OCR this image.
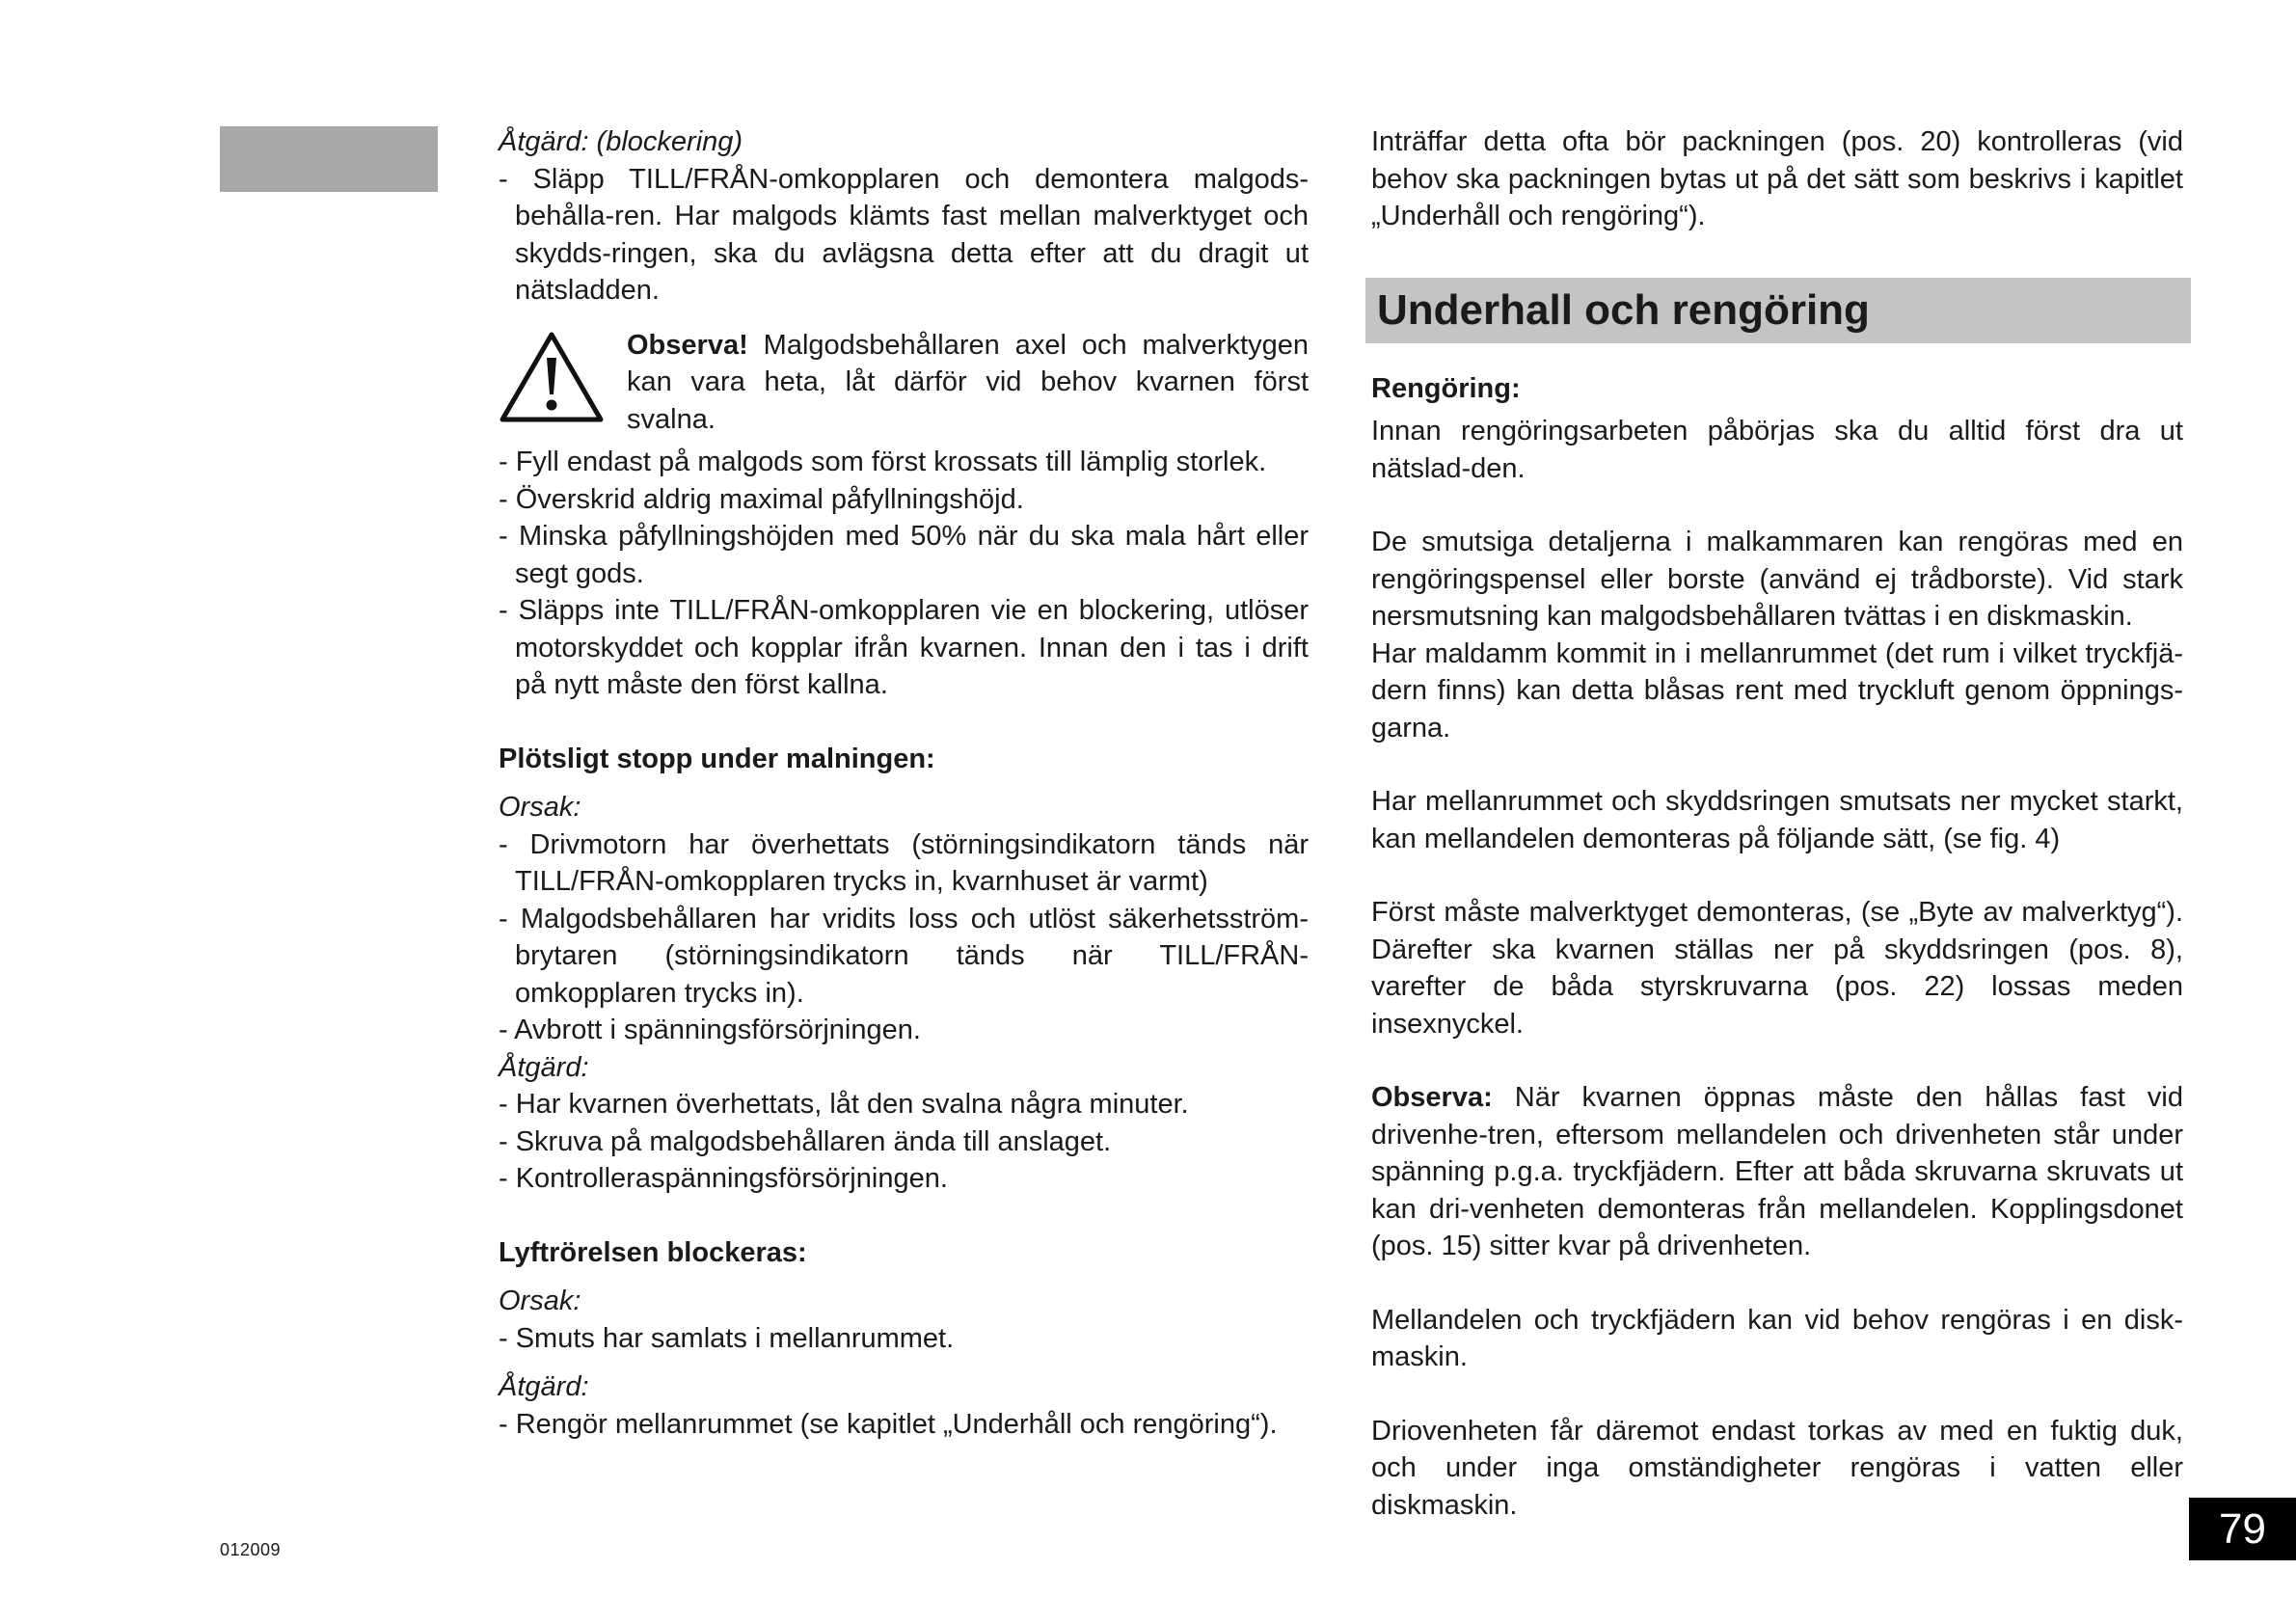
Åtgärd: (blockering)

- Släpp TILL/FRÅN-omkopplaren och demontera malgods-behålla-ren. Har malgods klämts fast mellan malverktyget och skydds-ringen, ska du avlägsna detta efter att du dragit ut nätsladden.

Observa! Malgodsbehållaren axel och malverktygen kan vara heta, låt därför vid behov kvarnen först svalna.

- Fyll endast på malgods som först krossats till lämplig storlek.

- Överskrid aldrig maximal påfyllningshöjd.

- Minska påfyllningshöjden med 50% när du ska mala hårt eller segt gods.

- Släpps inte TILL/FRÅN-omkopplaren vie en blockering, utlöser motorskyddet och kopplar ifrån kvarnen. Innan den i tas i drift på nytt måste den först kallna.

Plötsligt stopp under malningen:

Orsak:

- Drivmotorn har överhettats (störningsindikatorn tänds när TILL/FRÅN-omkopplaren trycks in, kvarnhuset är varmt)

- Malgodsbehållaren har vridits loss och utlöst säkerhetsström-brytaren (störningsindikatorn tänds när TILL/FRÅN-omkopplaren trycks in).

- Avbrott i spänningsförsörjningen.

Åtgärd:

- Har kvarnen överhettats, låt den svalna några minuter.

- Skruva på malgodsbehållaren ända till anslaget.

- Kontrolleraspänningsförsörjningen.

Lyftrörelsen blockeras:

Orsak:

- Smuts har samlats i mellanrummet.

Åtgärd:

- Rengör mellanrummet (se kapitlet „Underhåll och rengöring“).

Inträffar detta ofta bör packningen (pos. 20) kontrolleras (vid behov ska packningen bytas ut på det sätt som beskrivs i kapitlet „Underhåll och rengöring“).

Underhall och rengöring

Rengöring:

Innan rengöringsarbeten påbörjas ska du alltid först dra ut nätslad-den.

De smutsiga detaljerna i malkammaren kan rengöras med en rengöringspensel eller borste (använd ej trådborste). Vid stark nersmutsning kan malgodsbehållaren tvättas i en diskmaskin.

Har maldamm kommit in i mellanrummet (det rum i vilket tryckfjä-dern finns) kan detta blåsas rent med tryckluft genom öppnings-garna.

Har mellanrummet och skyddsringen smutsats ner mycket starkt, kan mellandelen demonteras på följande sätt, (se fig. 4)

Först måste malverktyget demonteras, (se „Byte av malverktyg“). Därefter ska kvarnen ställas ner på skyddsringen (pos. 8), varefter de båda styrskruvarna (pos. 22) lossas meden insexnyckel.

Observa: När kvarnen öppnas måste den hållas fast vid drivenhe-tren, eftersom mellandelen och drivenheten står under spänning p.g.a. tryckfjädern. Efter att båda skruvarna skruvats ut kan dri-venheten demonteras från mellandelen. Kopplingsdonet (pos. 15) sitter kvar på drivenheten.

Mellandelen och tryckfjädern kan vid behov rengöras i en disk-maskin.

Driovenheten får däremot endast torkas av med en fuktig duk, och under inga omständigheter rengöras i vatten eller diskmaskin.

012009	79
